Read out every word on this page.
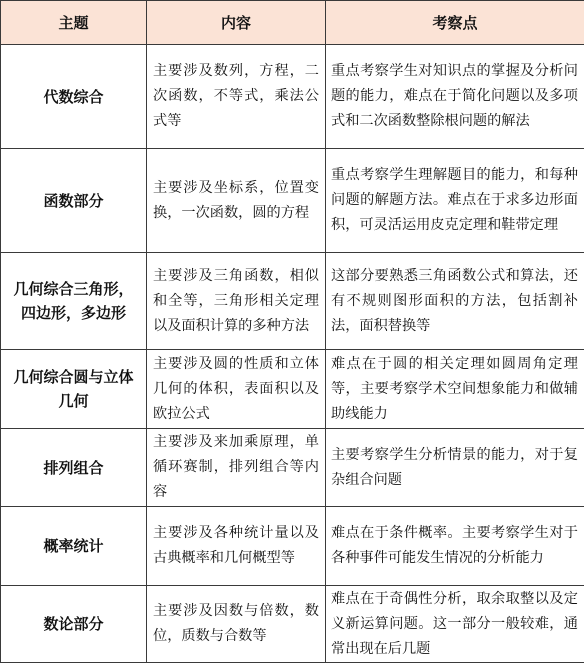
主题	内容	考察点
代数综合	主要涉及数列，方程，二次函数，不等式，乘法公式等	重点考察学生对知识点的掌握及分析问题的能力，难点在于简化问题以及多项式和二次函数整除根问题的解法
函数部分	主要涉及坐标系，位置变换，一次函数，圆的方程	重点考察学生理解题目的能力，和每种问题的解题方法。难点在于求多边形面积，可灵活运用皮克定理和鞋带定理
几何综合三角形，四边形，多边形	主要涉及三角函数，相似和全等，三角形相关定理以及面积计算的多种方法	这部分要熟悉三角函数公式和算法，还有不规则图形面积的方法，包括割补法，面积替换等
几何综合圆与立体几何	主要涉及圆的性质和立体几何的体积，表面积以及欧拉公式	难点在于圆的相关定理如圆周角定理等，主要考察学术空间想象能力和做辅助线能力
排列组合	主要涉及来加乘原理，单循环赛制，排列组合等内容	主要考察学生分析情景的能力，对于复杂组合问题
概率统计	主要涉及各种统计量以及古典概率和几何概型等	难点在于条件概率。主要考察学生对于各种事件可能发生情况的分析能力
数论部分	主要涉及因数与倍数，数位，质数与合数等	难点在于奇偶性分析，取余取整以及定义新运算问题。这一部分一般较难，通常出现在后几题
